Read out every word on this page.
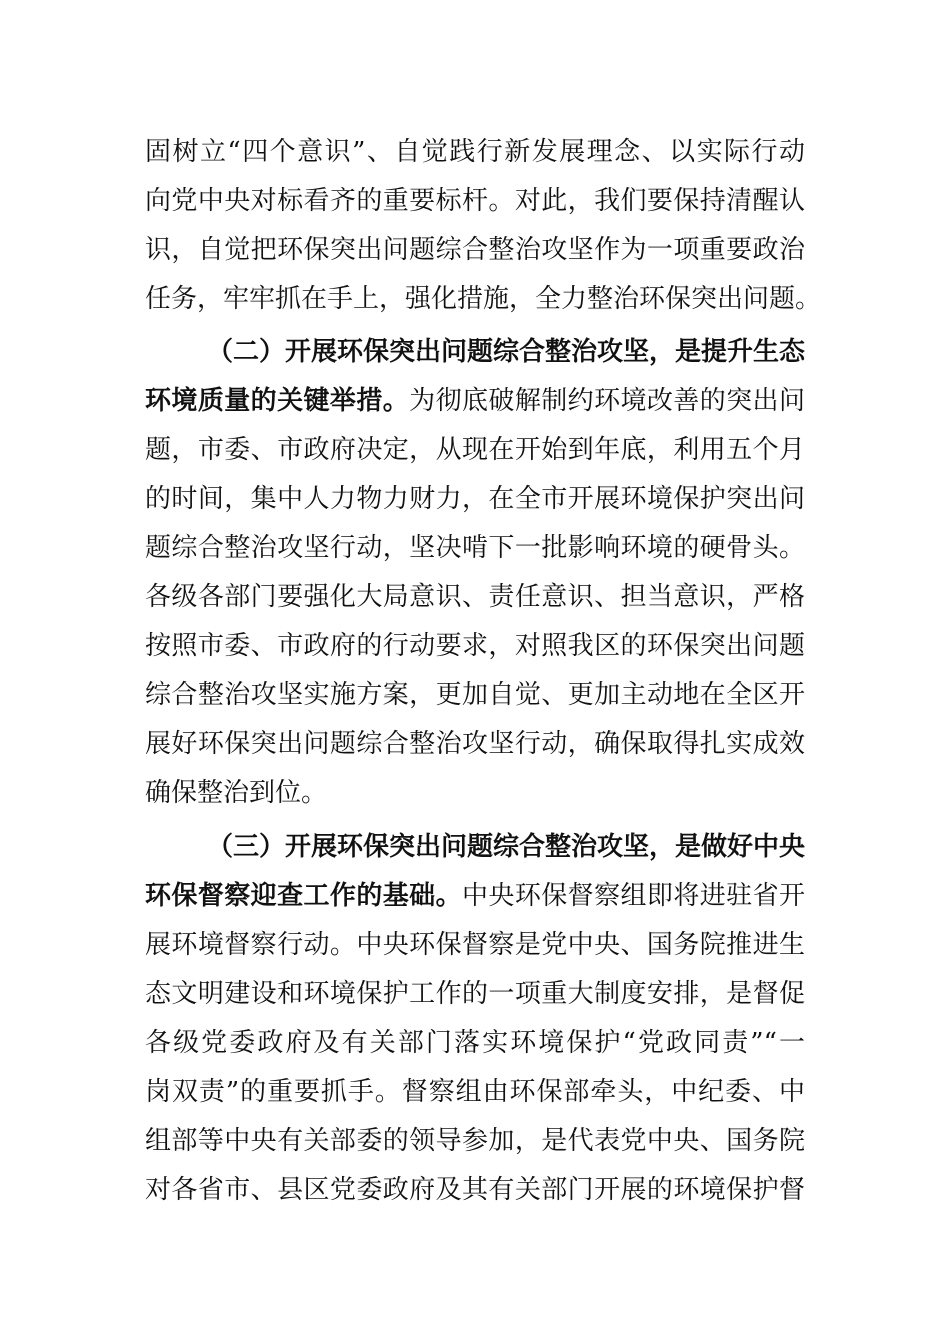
固树立“四个意识”、自觉践行新发展理念、以实际行动
向党中央对标看齐的重要标杆。对此，我们要保持清醒认
识，自觉把环保突出问题综合整治攻坚作为一项重要政治
任务，牢牢抓在手上，强化措施，全力整治环保突出问题。
（二）开展环保突出问题综合整治攻坚，是提升生态
环境质量的关键举措。为彻底破解制约环境改善的突出问
题，市委、市政府决定，从现在开始到年底，利用五个月
的时间，集中人力物力财力，在全市开展环境保护突出问
题综合整治攻坚行动，坚决啃下一批影响环境的硬骨头。
各级各部门要强化大局意识、责任意识、担当意识，严格
按照市委、市政府的行动要求，对照我区的环保突出问题
综合整治攻坚实施方案，更加自觉、更加主动地在全区开
展好环保突出问题综合整治攻坚行动，确保取得扎实成效
确保整治到位。
（三）开展环保突出问题综合整治攻坚，是做好中央
环保督察迎查工作的基础。中央环保督察组即将进驻省开
展环境督察行动。中央环保督察是党中央、国务院推进生
态文明建设和环境保护工作的一项重大制度安排，是督促
各级党委政府及有关部门落实环境保护“党政同责”“一
岗双责”的重要抓手。督察组由环保部牵头，中纪委、中
组部等中央有关部委的领导参加，是代表党中央、国务院
对各省市、县区党委政府及其有关部门开展的环境保护督
